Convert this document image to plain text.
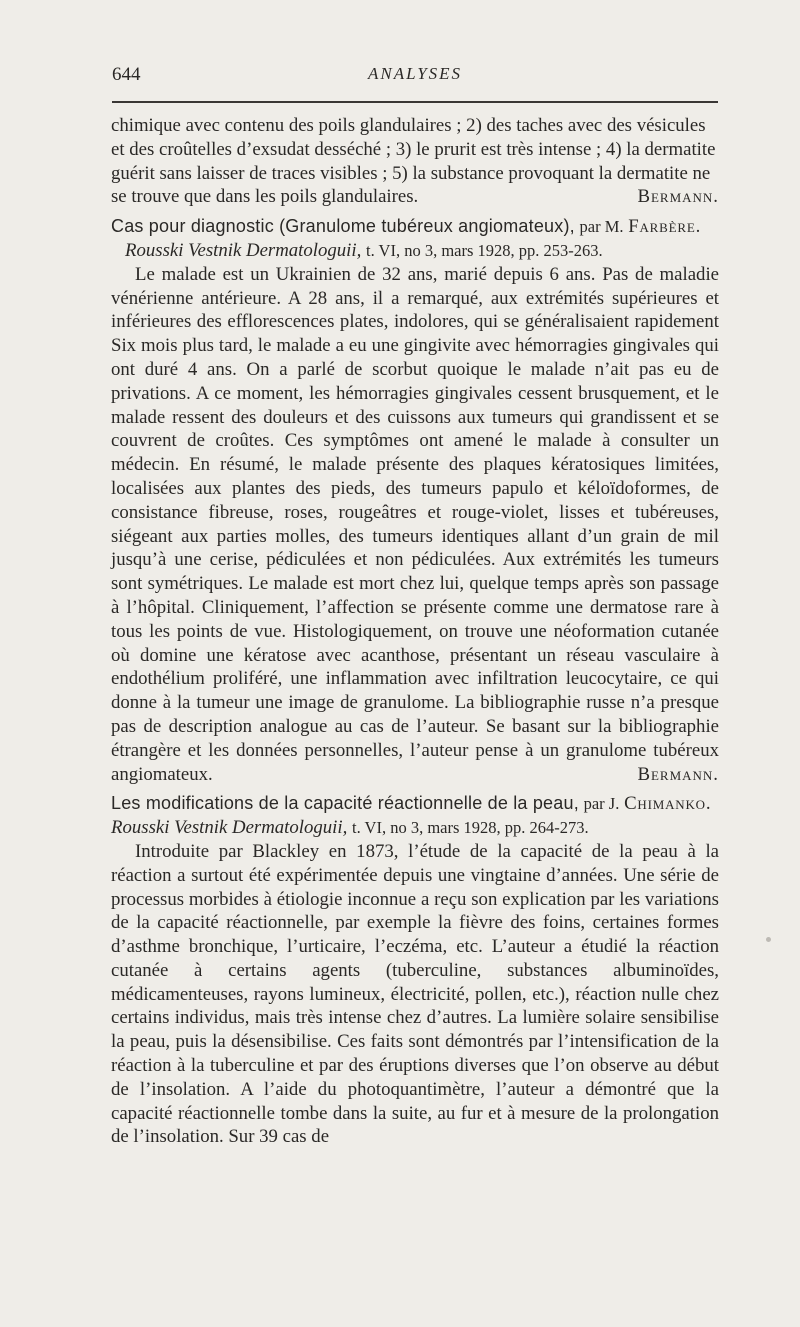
644	ANALYSES

chimique avec contenu des poils glandulaires ; 2) des taches avec des vésicules et des croûtelles d’exsudat desséché ; 3) le prurit est très intense ; 4) la dermatite guérit sans laisser de traces visibles ; 5) la substance provoquant la dermatite ne se trouve que dans les poils glandulaires.	Bermann.

Cas pour diagnostic (Granulome tubéreux angiomateux), par M. Farbère. Rousski Vestnik Dermatologuii, t. VI, no 3, mars 1928, pp. 253-263.

Le malade est un Ukrainien de 32 ans, marié depuis 6 ans. Pas de maladie vénérienne antérieure. A 28 ans, il a remarqué, aux extrémités supérieures et inférieures des efflorescences plates, indolores, qui se généralisaient rapidement Six mois plus tard, le malade a eu une gingivite avec hémorragies gingivales qui ont duré 4 ans. On a parlé de scorbut quoique le malade n’ait pas eu de privations. A ce moment, les hémorragies gingivales cessent brusquement, et le malade ressent des douleurs et des cuissons aux tumeurs qui grandissent et se couvrent de croûtes. Ces symptômes ont amené le malade à consulter un médecin. En résumé, le malade présente des plaques kératosiques limitées, localisées aux plantes des pieds, des tumeurs papulo et kéloïdoformes, de consistance fibreuse, roses, rougeâtres et rouge-violet, lisses et tubéreuses, siégeant aux parties molles, des tumeurs identiques allant d’un grain de mil jusqu’à une cerise, pédiculées et non pédiculées. Aux extrémités les tumeurs sont symétriques. Le malade est mort chez lui, quelque temps après son passage à l’hôpital. Cliniquement, l’affection se présente comme une dermatose rare à tous les points de vue. Histologiquement, on trouve une néoformation cutanée où domine une kératose avec acanthose, présentant un réseau vasculaire à endothélium proliféré, une inflammation avec infiltration leucocytaire, ce qui donne à la tumeur une image de granulome. La bibliographie russe n’a presque pas de description analogue au cas de l’auteur. Se basant sur la bibliographie étrangère et les données personnelles, l’auteur pense à un granulome tubéreux angiomateux.	Bermann.

Les modifications de la capacité réactionnelle de la peau, par J. Chimanko. Rousski Vestnik Dermatologuii, t. VI, no 3, mars 1928, pp. 264-273.

Introduite par Blackley en 1873, l’étude de la capacité de la peau à la réaction a surtout été expérimentée depuis une vingtaine d’années. Une série de processus morbides à étiologie inconnue a reçu son explication par les variations de la capacité réactionnelle, par exemple la fièvre des foins, certaines formes d’asthme bronchique, l’urticaire, l’eczéma, etc. L’auteur a étudié la réaction cutanée à certains agents (tuberculine, substances albuminoïdes, médicamenteuses, rayons lumineux, électricité, pollen, etc.), réaction nulle chez certains individus, mais très intense chez d’autres. La lumière solaire sensibilise la peau, puis la désensibilise. Ces faits sont démontrés par l’intensification de la réaction à la tuberculine et par des éruptions diverses que l’on observe au début de l’insolation. A l’aide du photoquantimètre, l’auteur a démontré que la capacité réactionnelle tombe dans la suite, au fur et à mesure de la prolongation de l’insolation. Sur 39 cas de
